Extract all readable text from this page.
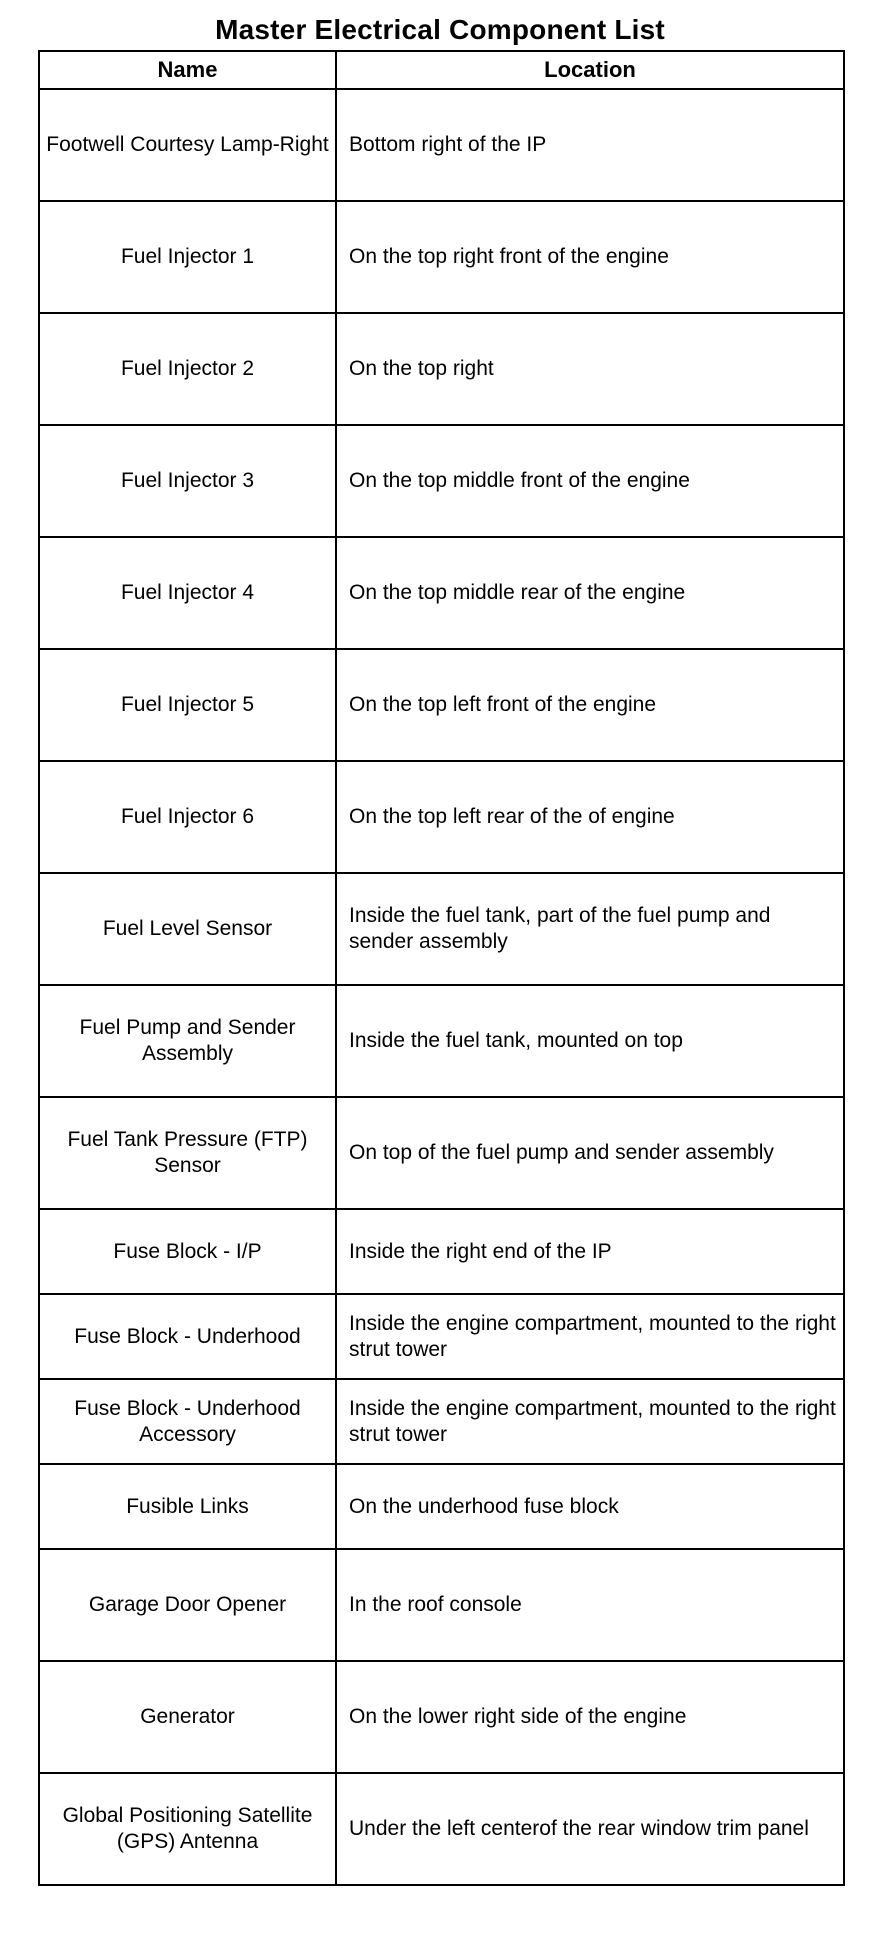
Master Electrical Component List
Name	Location
Footwell Courtesy Lamp-Right	Bottom right of the IP
Fuel Injector 1	On the top right front of the engine
Fuel Injector 2	On the top right
Fuel Injector 3	On the top middle front of the engine
Fuel Injector 4	On the top middle rear of the engine
Fuel Injector 5	On the top left front of the engine
Fuel Injector 6	On the top left rear of the of engine
Fuel Level Sensor	Inside the fuel tank, part of the fuel pump and sender assembly
Fuel Pump and Sender Assembly	Inside the fuel tank, mounted on top
Fuel Tank Pressure (FTP) Sensor	On top of the fuel pump and sender assembly
Fuse Block - I/P	Inside the right end of the IP
Fuse Block - Underhood	Inside the engine compartment, mounted to the right strut tower
Fuse Block - Underhood Accessory	Inside the engine compartment, mounted to the right strut tower
Fusible Links	On the underhood fuse block
Garage Door Opener	In the roof console
Generator	On the lower right side of the engine
Global Positioning Satellite (GPS) Antenna	Under the left centerof the rear window trim panel
